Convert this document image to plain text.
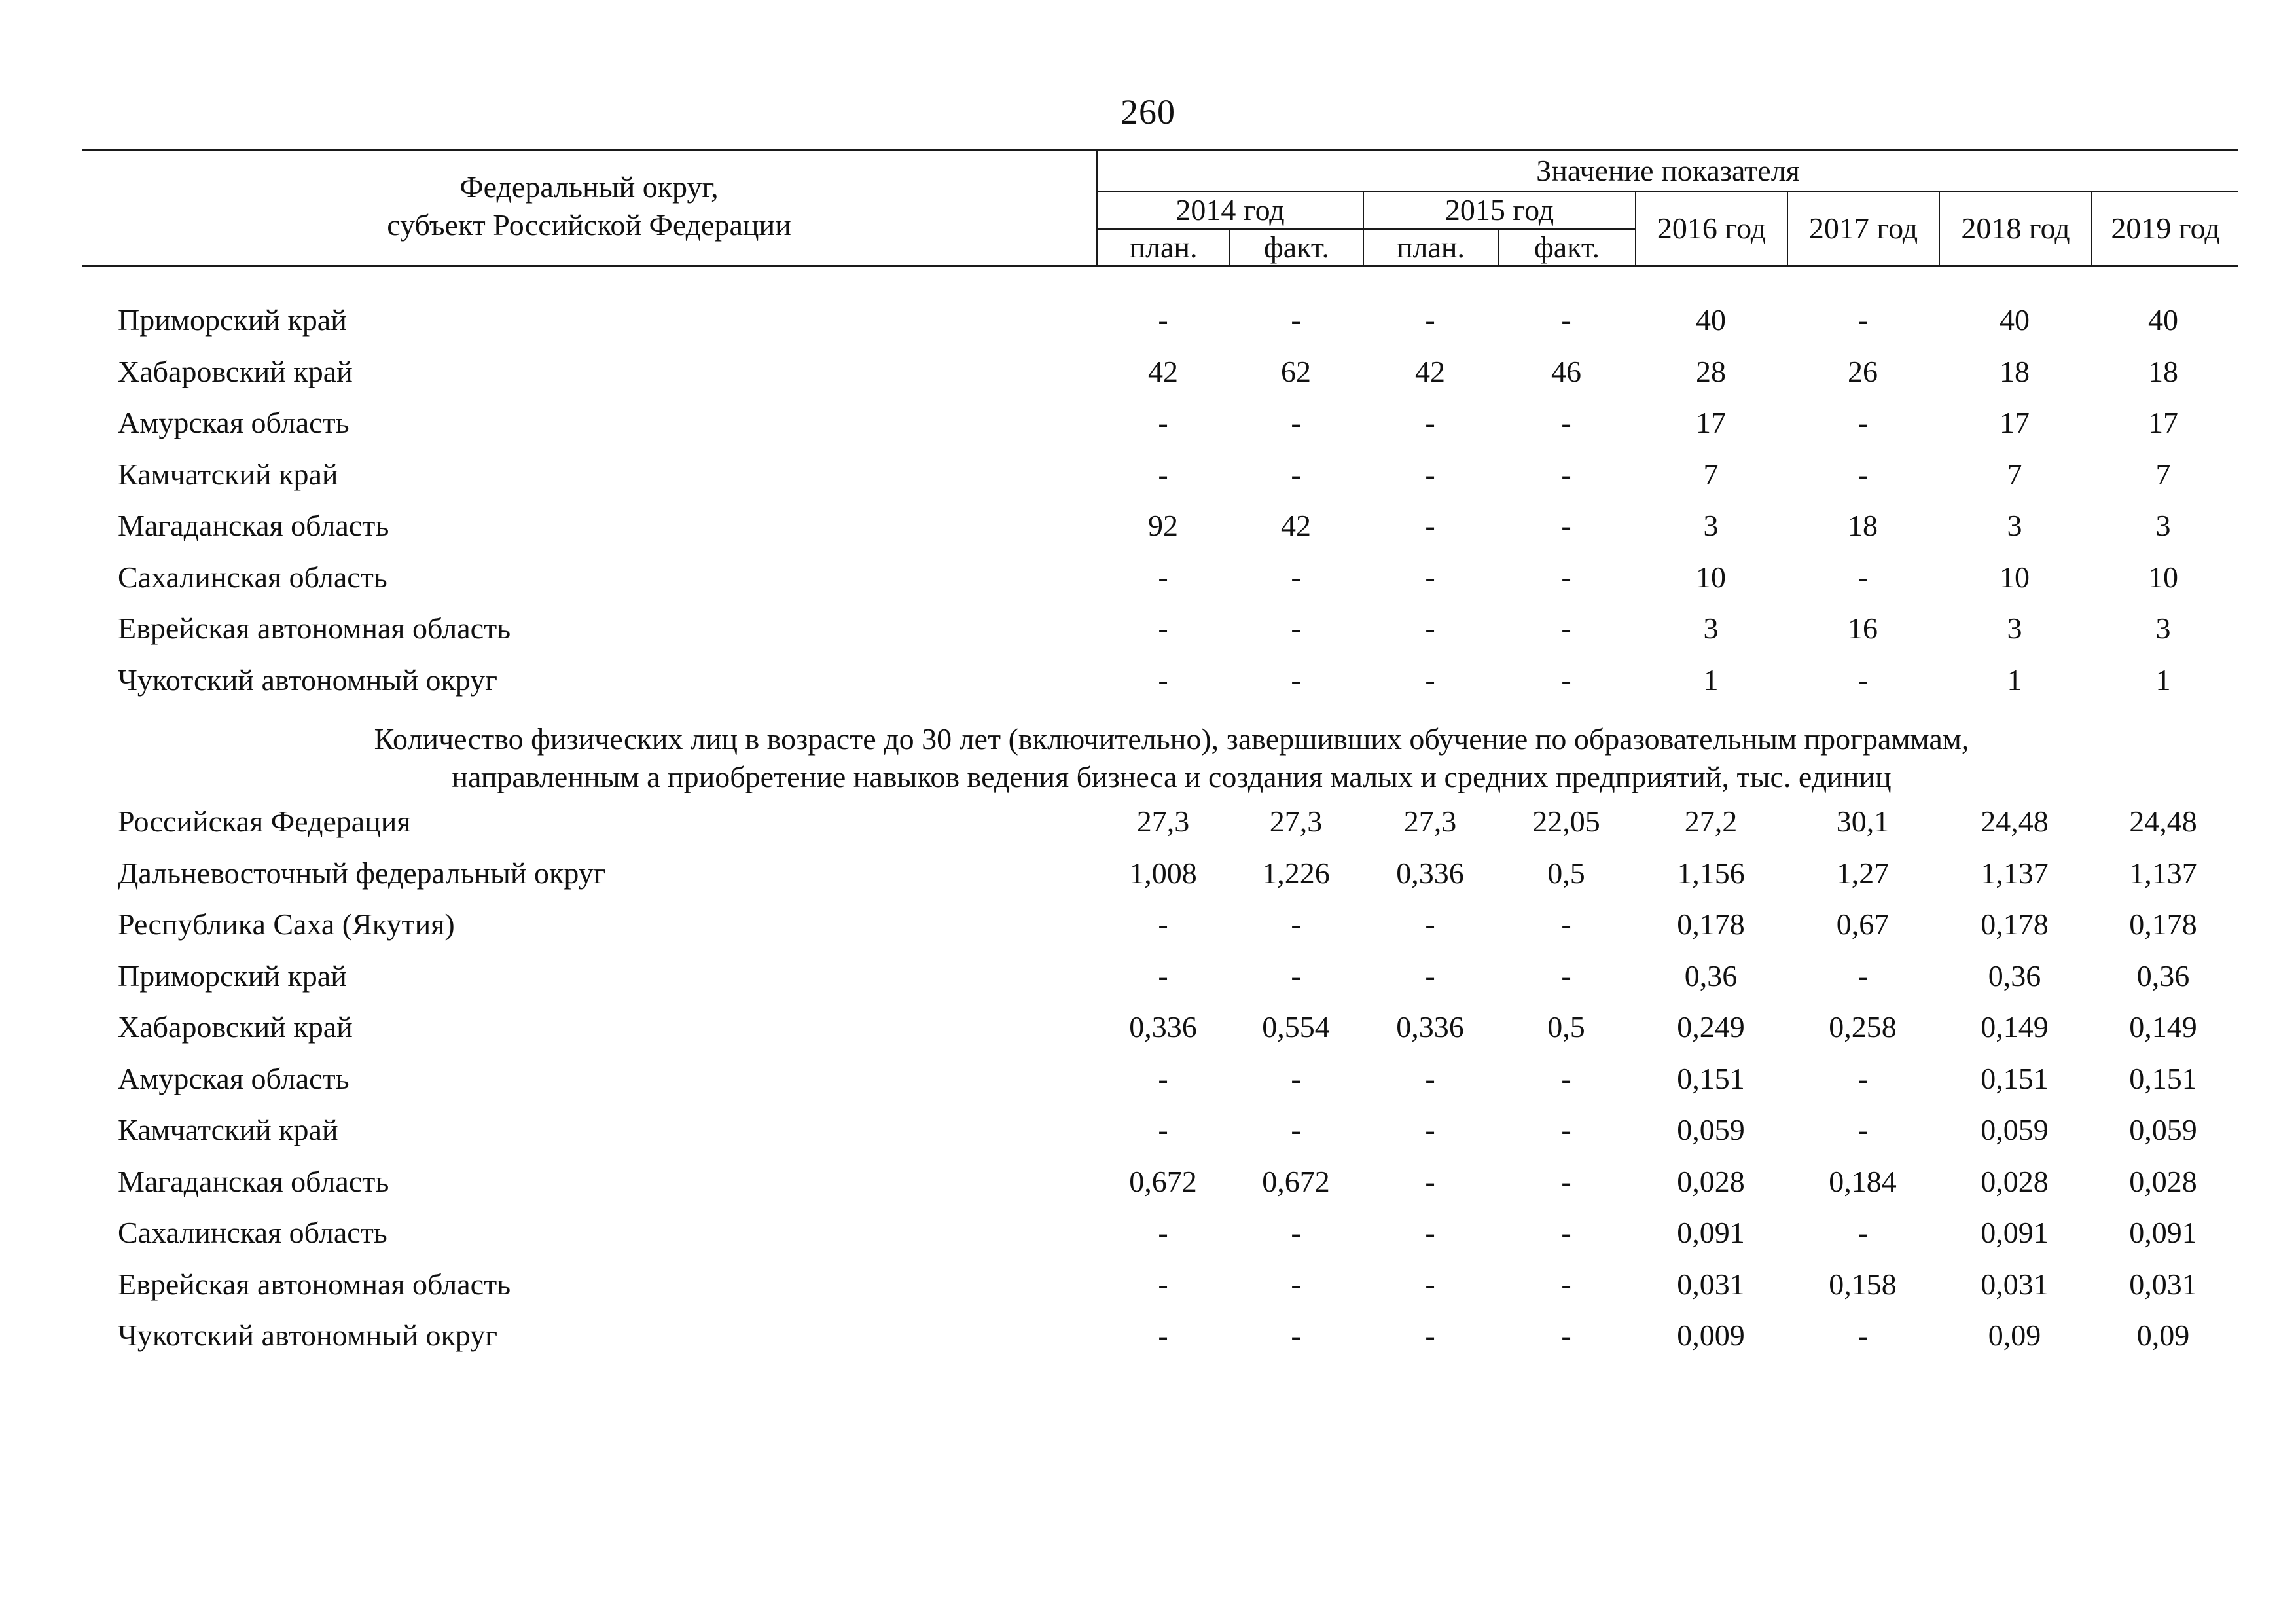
260
Федеральный округ,
субъект Российской Федерации
Значение показателя
2014 год	2015 год
план.	факт.	план.	факт.
2016 год	2017 год	2018 год	2019 год
Приморский край	-	-	-	-	40	-	40	40
Хабаровский край	42	62	42	46	28	26	18	18
Амурская область	-	-	-	-	17	-	17	17
Камчатский край	-	-	-	-	7	-	7	7
Магаданская область	92	42	-	-	3	18	3	3
Сахалинская область	-	-	-	-	10	-	10	10
Еврейская автономная область	-	-	-	-	3	16	3	3
Чукотский автономный округ	-	-	-	-	1	-	1	1
Количество физических лиц в возрасте до 30 лет (включительно), завершивших обучение по образовательным программам,
направленным а приобретение навыков ведения бизнеса и создания малых и средних предприятий, тыс. единиц
Российская Федерация	27,3	27,3	27,3	22,05	27,2	30,1	24,48	24,48
Дальневосточный федеральный округ	1,008	1,226	0,336	0,5	1,156	1,27	1,137	1,137
Республика Саха (Якутия)	-	-	-	-	0,178	0,67	0,178	0,178
Приморский край	-	-	-	-	0,36	-	0,36	0,36
Хабаровский край	0,336	0,554	0,336	0,5	0,249	0,258	0,149	0,149
Амурская область	-	-	-	-	0,151	-	0,151	0,151
Камчатский край	-	-	-	-	0,059	-	0,059	0,059
Магаданская область	0,672	0,672	-	-	0,028	0,184	0,028	0,028
Сахалинская область	-	-	-	-	0,091	-	0,091	0,091
Еврейская автономная область	-	-	-	-	0,031	0,158	0,031	0,031
Чукотский автономный округ	-	-	-	-	0,009	-	0,09	0,09
